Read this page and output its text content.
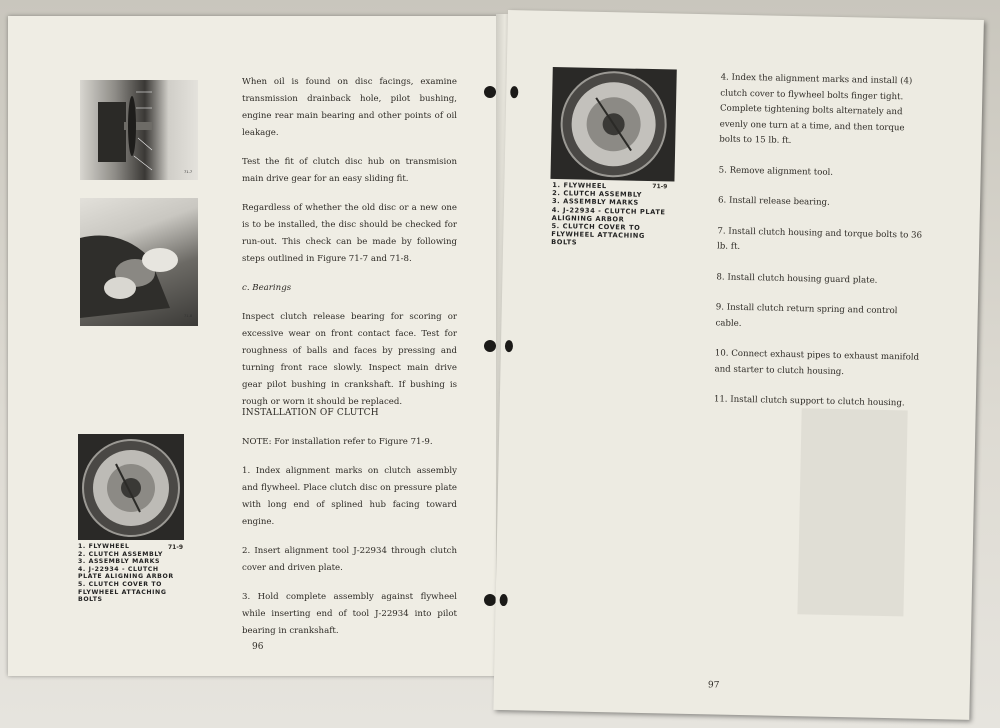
71-7
71-8

When oil is found on disc facings, examine transmission drainback hole, pilot bushing, engine rear main bearing and other points of oil leakage.

Test the fit of clutch disc hub on transmision main drive gear for an easy sliding fit.

Regardless of whether the old disc or a new one is to be installed, the disc should be checked for run-out. This check can be made by following steps outlined in Figure 71-7 and 71-8.

c. Bearings

Inspect clutch release bearing for scoring or excessive wear on front contact face. Test for roughness of balls and faces by pressing and turning front race slowly. Inspect main drive gear pilot bushing in crankshaft. If bushing is rough or worn it should be replaced.

INSTALLATION OF CLUTCH

NOTE: For installation refer to Figure 71-9.

1. Index alignment marks on clutch assembly and flywheel. Place clutch disc on pressure plate with long end of splined hub facing toward engine.

2. Insert alignment tool J-22934 through clutch cover and driven plate.

3. Hold complete assembly against flywheel while inserting end of tool J-22934 into pilot bearing in crankshaft.

71-9
1. FLYWHEEL
2. CLUTCH ASSEMBLY
3. ASSEMBLY MARKS
4. J-22934 - CLUTCH PLATE ALIGNING ARBOR
5. CLUTCH COVER TO FLYWHEEL ATTACHING BOLTS
96
71-9
1. FLYWHEEL
2. CLUTCH ASSEMBLY
3. ASSEMBLY MARKS
4. J-22934 - CLUTCH PLATE ALIGNING ARBOR
5. CLUTCH COVER TO FLYWHEEL ATTACHING BOLTS

4. Index the alignment marks and install (4) clutch cover to flywheel bolts finger tight. Complete tightening bolts alternately and evenly one turn at a time, and then torque bolts to 15 lb. ft.

5. Remove alignment tool.

6. Install release bearing.

7. Install clutch housing and torque bolts to 36 lb. ft.

8. Install clutch housing guard plate.

9. Install clutch return spring and control cable.

10. Connect exhaust pipes to exhaust manifold and starter to clutch housing.

11. Install clutch support to clutch housing.

97
